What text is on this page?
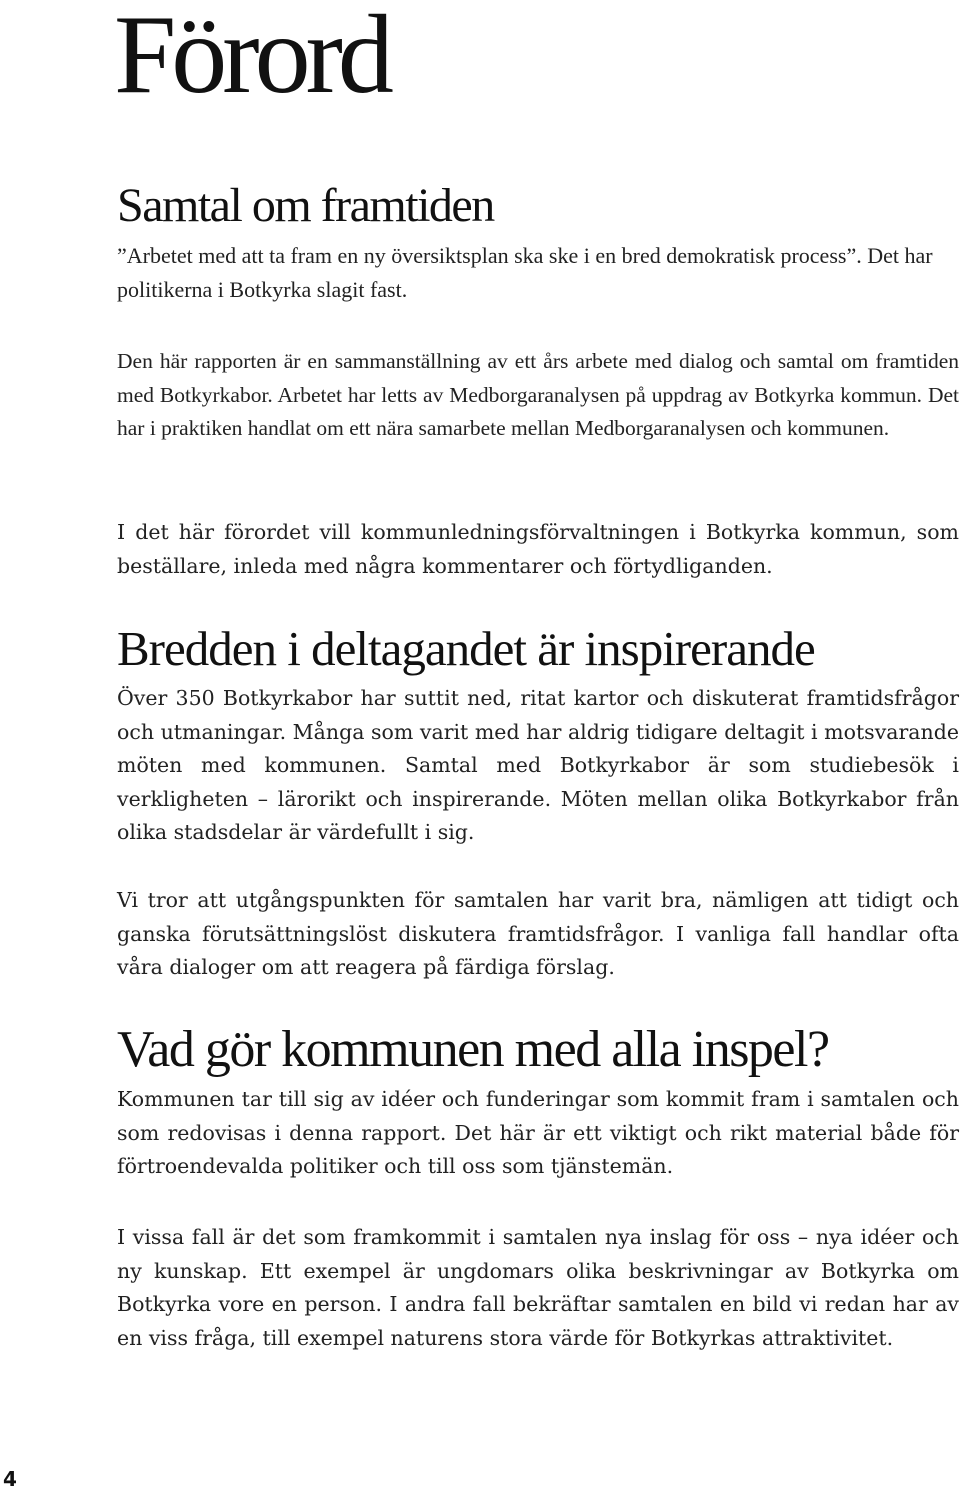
Förord
Samtal om framtiden

”Arbetet med att ta fram en ny översiktsplan ska ske i en bred demokratisk process”. Det har politikerna i Botkyrka slagit fast.

Den här rapporten är en sammanställning av ett års arbete med dialog och samtal om framtiden med Botkyrkabor. Arbetet har letts av Medborgaranalysen på uppdrag av Botkyrka kommun. Det har i praktiken handlat om ett nära samarbete mellan Medborgaranalysen och kommunen.

I det här förordet vill kommunledningsförvaltningen i Botkyrka kommun, som beställare, inleda med några kommentarer och förtydliganden.

Bredden i deltagandet är inspirerande

Över 350 Botkyrkabor har suttit ned, ritat kartor och diskuterat framtidsfrågor och utmaningar. Många som varit med har aldrig tidigare deltagit i motsvarande möten med kommunen. Samtal med Botkyrkabor är som studiebesök i verkligheten – lärorikt och inspirerande. Möten mellan olika Botkyrkabor från olika stadsdelar är värdefullt i sig.

Vi tror att utgångspunkten för samtalen har varit bra, nämligen att tidigt och ganska förutsättningslöst diskutera framtidsfrågor. I vanliga fall handlar ofta våra dialoger om att reagera på färdiga förslag.

Vad gör kommunen med alla inspel?

Kommunen tar till sig av idéer och funderingar som kommit fram i samtalen och som redovisas i denna rapport. Det här är ett viktigt och rikt material både för förtroendevalda politiker och till oss som tjänstemän.

I vissa fall är det som framkommit i samtalen nya inslag för oss – nya idéer och ny kunskap. Ett exempel är ungdomars olika beskrivningar av Botkyrka om Botkyrka vore en person. I andra fall bekräftar samtalen en bild vi redan har av en viss fråga, till exempel naturens stora värde för Botkyrkas attraktivitet.

4
